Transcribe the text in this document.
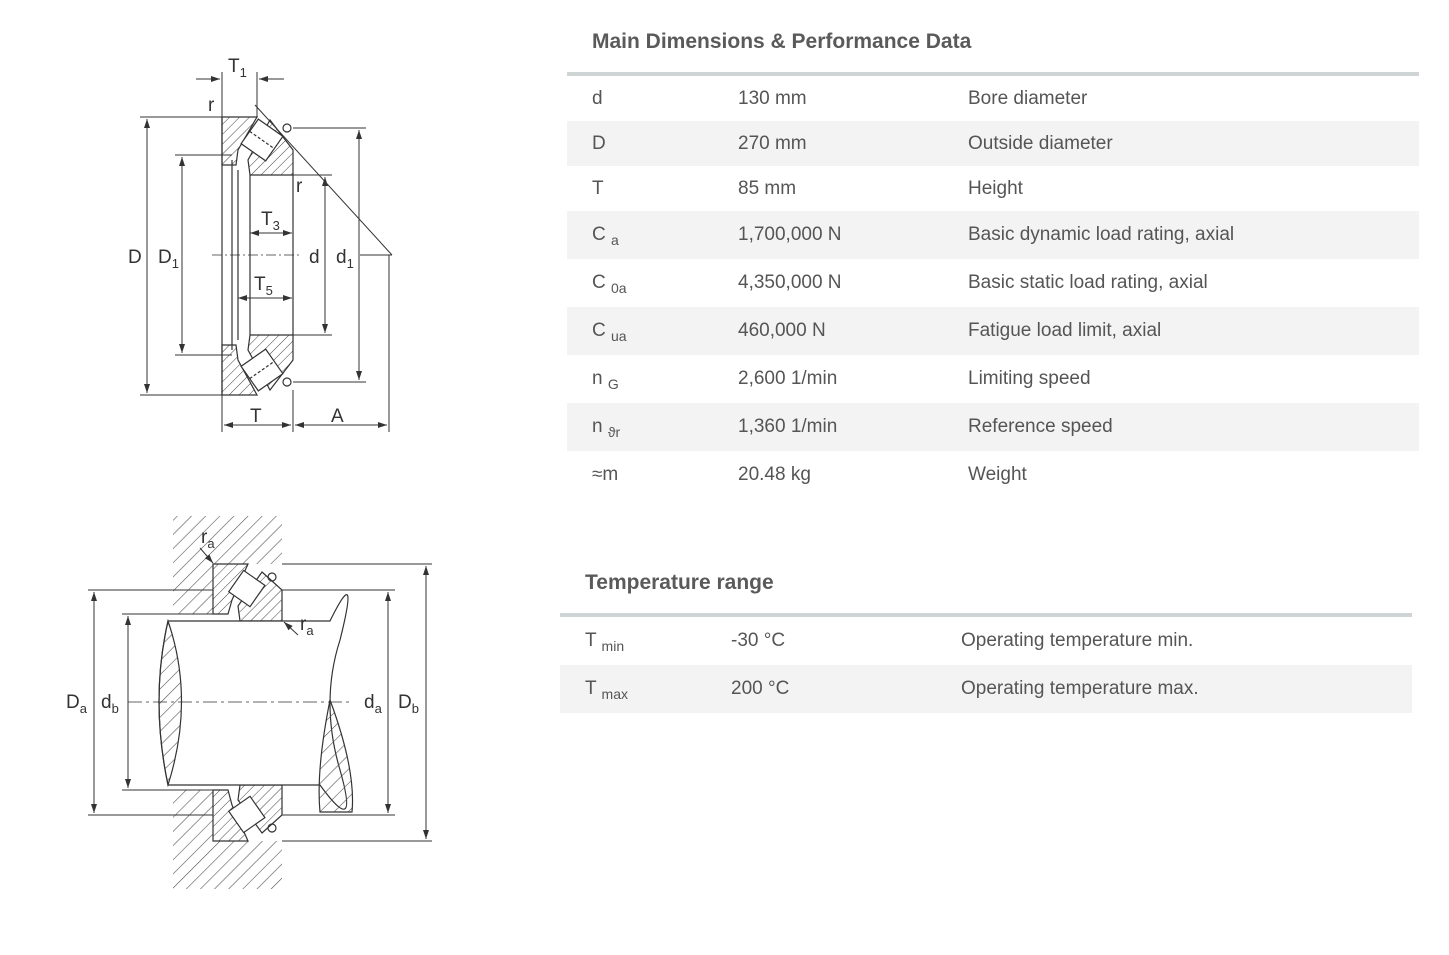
$T_1$
r
r
$T_3$
D $D_1$	d $d_1$
$T_5$
T	A
$r_a$
$r_a$
$D_a$ $d_b$	$d_a$ $D_b$
Main Dimensions & Performance Data
d	130 mm	Bore diameter
D	270 mm	Outside diameter
T	85 mm	Height
C $_a$	1,700,000 N	Basic dynamic load rating, axial
C $_{0a}$	4,350,000 N	Basic static load rating, axial
C $_{ua}$	460,000 N	Fatigue load limit, axial
n $_G$	2,600 1/min	Limiting speed
n $_{ϑr}$	1,360 1/min	Reference speed
≈m	20.48 kg	Weight
Temperature range
T $_{min}$	-30 °C	Operating temperature min.
T $_{max}$	200 °C	Operating temperature max.
